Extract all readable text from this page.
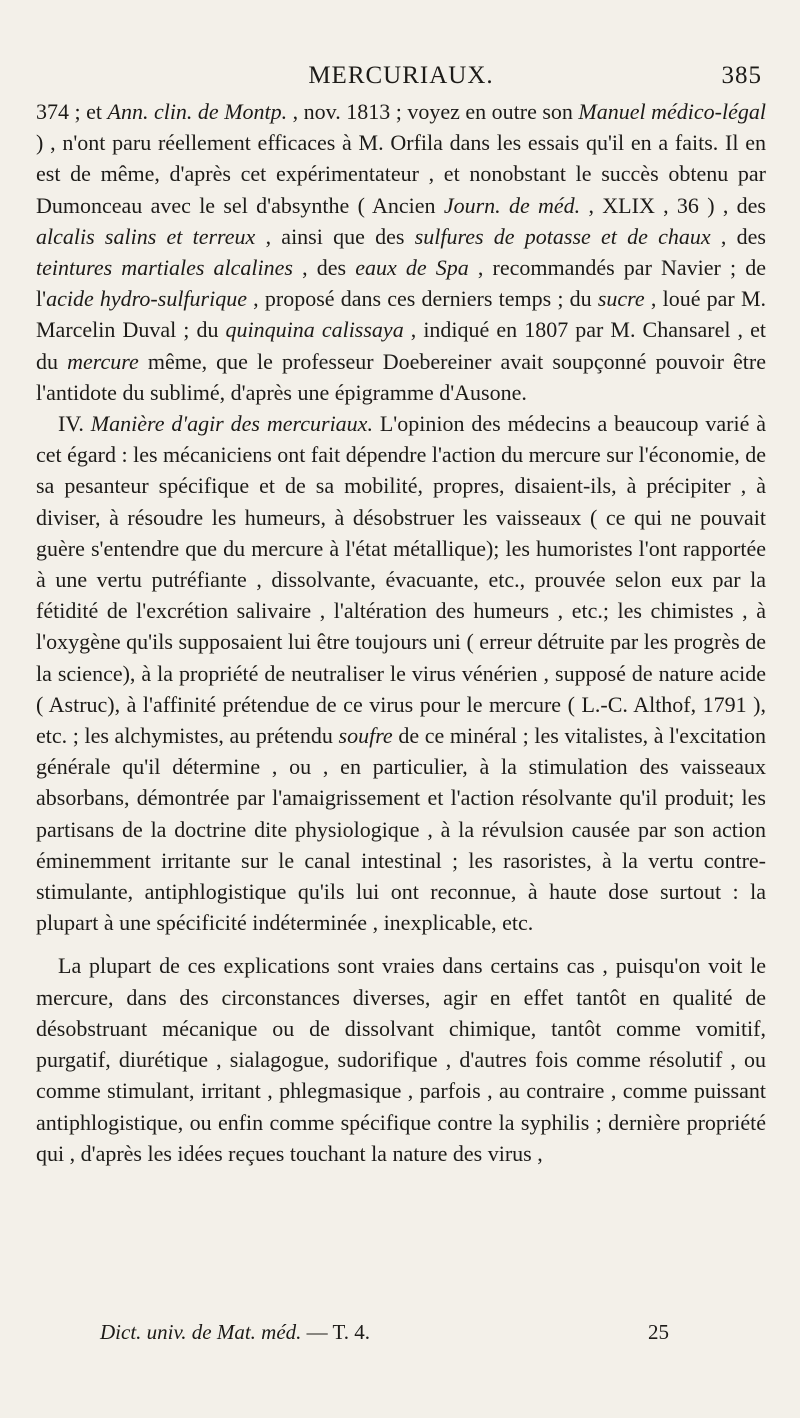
MERCURIAUX.	385

374 ; et Ann. clin. de Montp. , nov. 1813 ; voyez en outre son Manuel médico-légal ) , n'ont paru réellement efficaces à M. Orfila dans les essais qu'il en a faits. Il en est de même, d'après cet expérimentateur , et nonobstant le succès obtenu par Dumonceau avec le sel d'absynthe ( Ancien Journ. de méd. , XLIX , 36 ) , des alcalis salins et terreux , ainsi que des sulfures de potasse et de chaux , des teintures martiales alcalines , des eaux de Spa , recommandés par Navier ; de l'acide hydro-sulfurique , proposé dans ces derniers temps ; du sucre , loué par M. Marcelin Duval ; du quinquina calissaya , indiqué en 1807 par M. Chansarel , et du mercure même, que le professeur Doebereiner avait soupçonné pouvoir être l'antidote du sublimé, d'après une épigramme d'Ausone.

IV. Manière d'agir des mercuriaux. L'opinion des médecins a beaucoup varié à cet égard : les mécaniciens ont fait dépendre l'action du mercure sur l'économie, de sa pesanteur spécifique et de sa mobilité, propres, disaient-ils, à précipiter , à diviser, à résoudre les humeurs, à désobstruer les vaisseaux ( ce qui ne pouvait guère s'entendre que du mercure à l'état métallique); les humoristes l'ont rapportée à une vertu putréfiante , dissolvante, évacuante, etc., prouvée selon eux par la fétidité de l'excrétion salivaire , l'altération des humeurs , etc.; les chimistes , à l'oxygène qu'ils supposaient lui être toujours uni ( erreur détruite par les progrès de la science), à la propriété de neutraliser le virus vénérien , supposé de nature acide ( Astruc), à l'affinité prétendue de ce virus pour le mercure ( L.-C. Althof, 1791 ), etc. ; les alchymistes, au prétendu soufre de ce minéral ; les vitalistes, à l'excitation générale qu'il détermine , ou , en particulier, à la stimulation des vaisseaux absorbans, démontrée par l'amaigrissement et l'action résolvante qu'il produit; les partisans de la doctrine dite physiologique , à la révulsion causée par son action éminemment irritante sur le canal intestinal ; les rasoristes, à la vertu contre-stimulante, antiphlogistique qu'ils lui ont reconnue, à haute dose surtout : la plupart à une spécificité indéterminée , inexplicable, etc.

La plupart de ces explications sont vraies dans certains cas , puisqu'on voit le mercure, dans des circonstances diverses, agir en effet tantôt en qualité de désobstruant mécanique ou de dissolvant chimique, tantôt comme vomitif, purgatif, diurétique , sialagogue, sudorifique , d'autres fois comme résolutif , ou comme stimulant, irritant , phlegmasique , parfois , au contraire , comme puissant antiphlogistique, ou enfin comme spécifique contre la syphilis ; dernière propriété qui , d'après les idées reçues touchant la nature des virus ,

Dict. univ. de Mat. méd. — T. 4.	25
